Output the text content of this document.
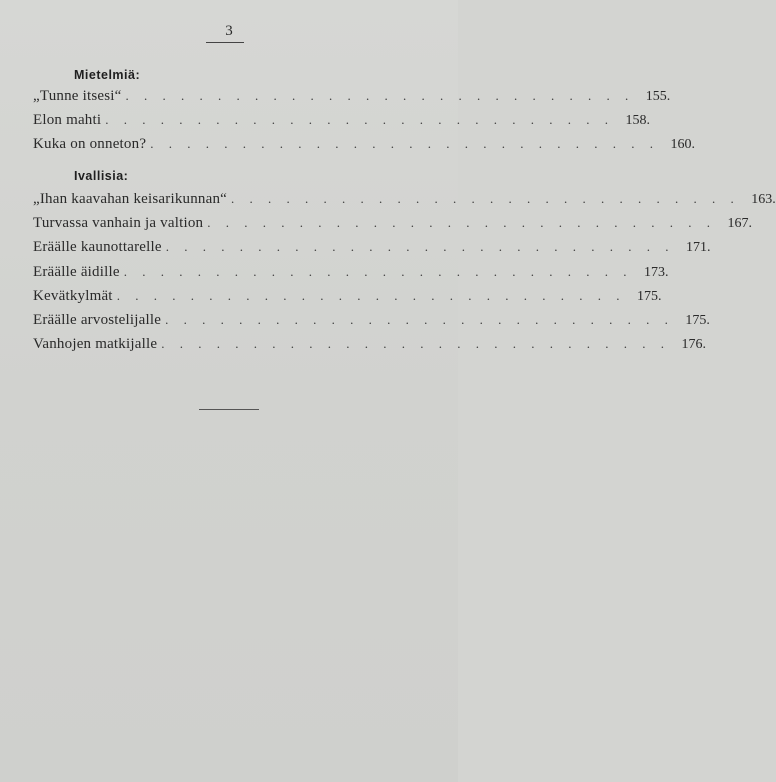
3
Mietelmiä:
„Tunne itsesi“ . . . . . . . . . . . . . . . . . . . . . . . . . . . . 155.
Elon mahti . . . . . . . . . . . . . . . . . . . . . . . . . . . . 158.
Kuka on onneton? . . . . . . . . . . . . . . . . . . . . . . . . . . . . 160.
Ivallisia:
„Ihan kaavahan keisarikunnan“ . . . . . . . . . . . . . . . . . . . . . . . . . . . . 163.
Turvassa vanhain ja valtion . . . . . . . . . . . . . . . . . . . . . . . . . . . . 167.
Eräälle kaunottarelle . . . . . . . . . . . . . . . . . . . . . . . . . . . . 171.
Eräälle äidille . . . . . . . . . . . . . . . . . . . . . . . . . . . . 173.
Kevätkylmät . . . . . . . . . . . . . . . . . . . . . . . . . . . . 175.
Eräälle arvostelijalle . . . . . . . . . . . . . . . . . . . . . . . . . . . . 175.
Vanhojen matkijalle . . . . . . . . . . . . . . . . . . . . . . . . . . . . 176.
